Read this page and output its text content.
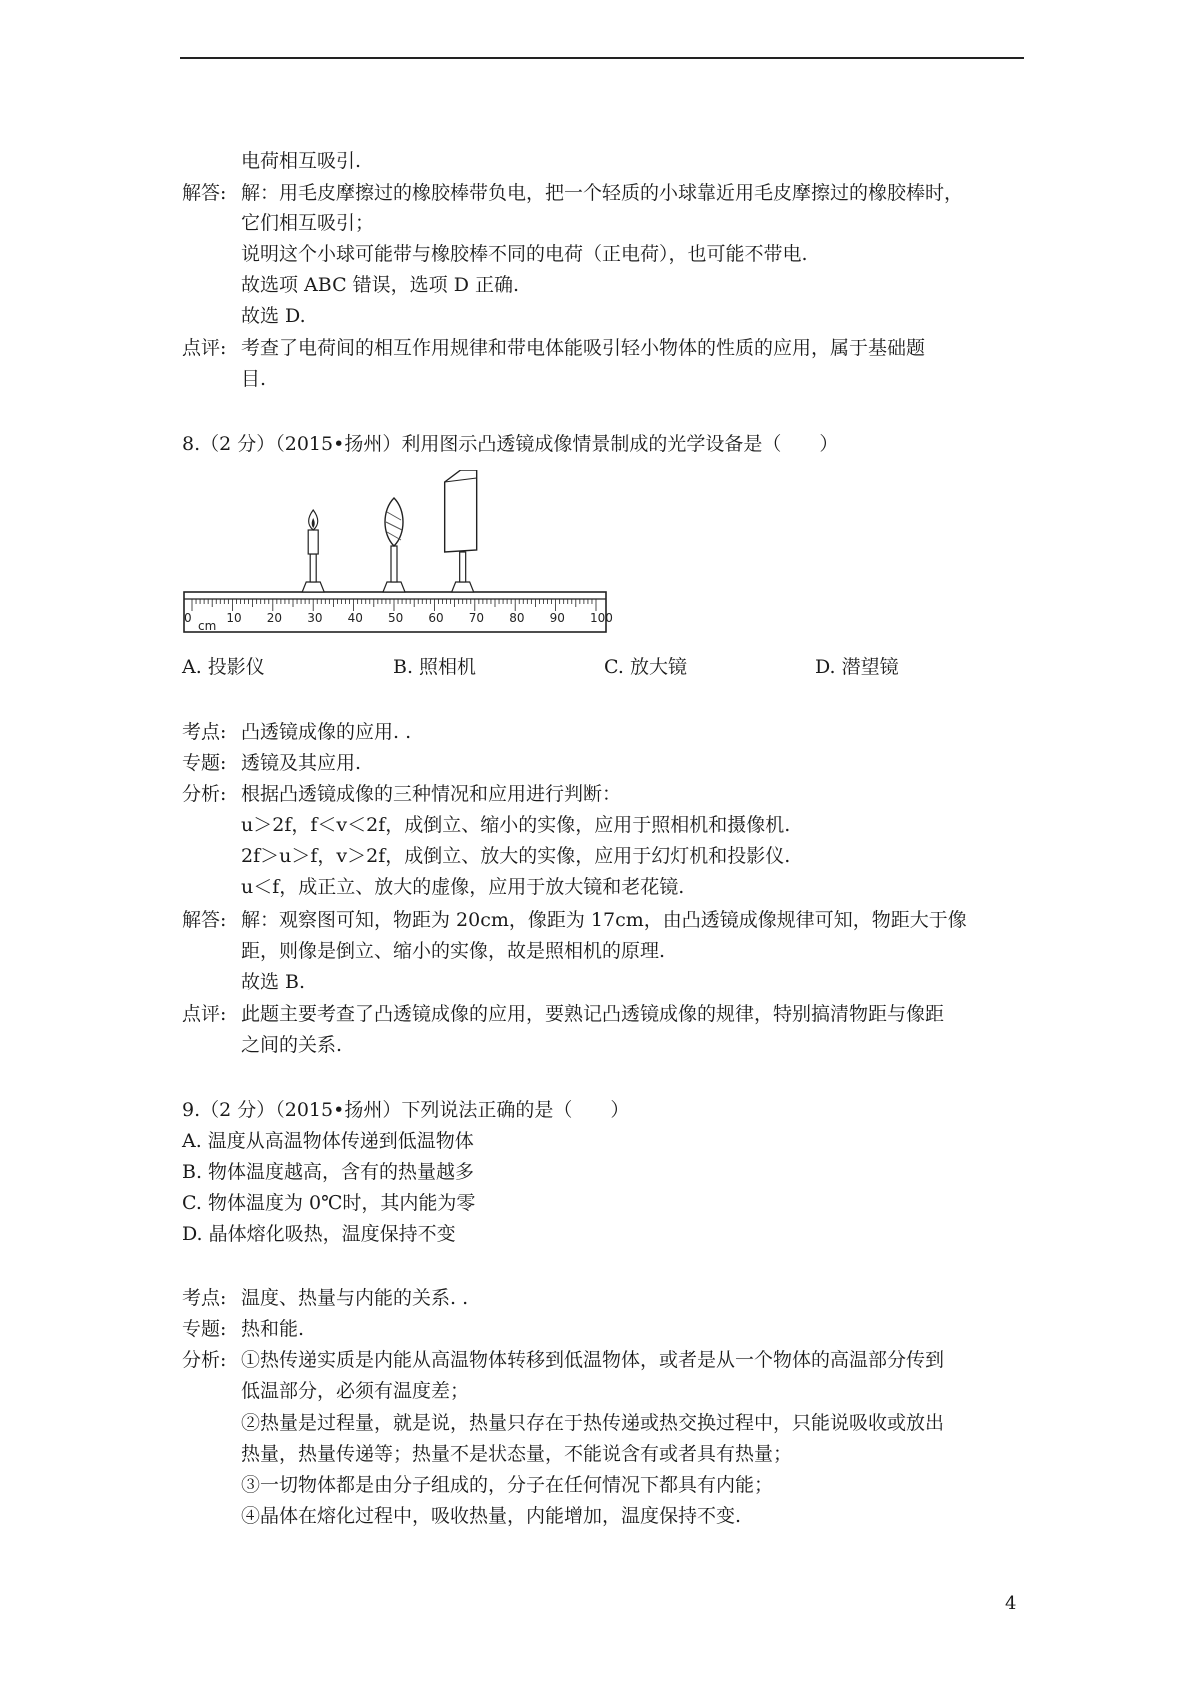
电荷相互吸引.
解答: 解：用毛皮摩擦过的橡胶棒带负电，把一个轻质的小球靠近用毛皮摩擦过的橡胶棒时，
它们相互吸引；
说明这个小球可能带与橡胶棒不同的电荷（正电荷），也可能不带电.
故选项 ABC 错误，选项 D 正确.
故选 D.
点评: 考查了电荷间的相互作用规律和带电体能吸引轻小物体的性质的应用，属于基础题
目.
8.（2 分）（2015•扬州）利用图示凸透镜成像情景制成的光学设备是（　　）
0	10 20 30 40 50 60 70 80 90 100
cm
A. 投影仪	B. 照相机	C. 放大镜	D. 潜望镜
考点: 凸透镜成像的应用. .
专题: 透镜及其应用.
分析: 根据凸透镜成像的三种情况和应用进行判断：
u＞2f，f＜v＜2f，成倒立、缩小的实像，应用于照相机和摄像机.
2f＞u＞f，v＞2f，成倒立、放大的实像，应用于幻灯机和投影仪.
u＜f，成正立、放大的虚像，应用于放大镜和老花镜.
解答: 解：观察图可知，物距为 20cm，像距为 17cm，由凸透镜成像规律可知，物距大于像
距，则像是倒立、缩小的实像，故是照相机的原理.
故选 B.
点评: 此题主要考查了凸透镜成像的应用，要熟记凸透镜成像的规律，特别搞清物距与像距
之间的关系.
9.（2 分）（2015•扬州）下列说法正确的是（　　）
A. 温度从高温物体传递到低温物体
B. 物体温度越高，含有的热量越多
C. 物体温度为 0℃时，其内能为零
D. 晶体熔化吸热，温度保持不变
考点: 温度、热量与内能的关系. .
专题: 热和能.
分析: ①热传递实质是内能从高温物体转移到低温物体，或者是从一个物体的高温部分传到
低温部分，必须有温度差；
②热量是过程量，就是说，热量只存在于热传递或热交换过程中，只能说吸收或放出
热量，热量传递等；热量不是状态量，不能说含有或者具有热量；
③一切物体都是由分子组成的，分子在任何情况下都具有内能；
④晶体在熔化过程中，吸收热量，内能增加，温度保持不变.
4
